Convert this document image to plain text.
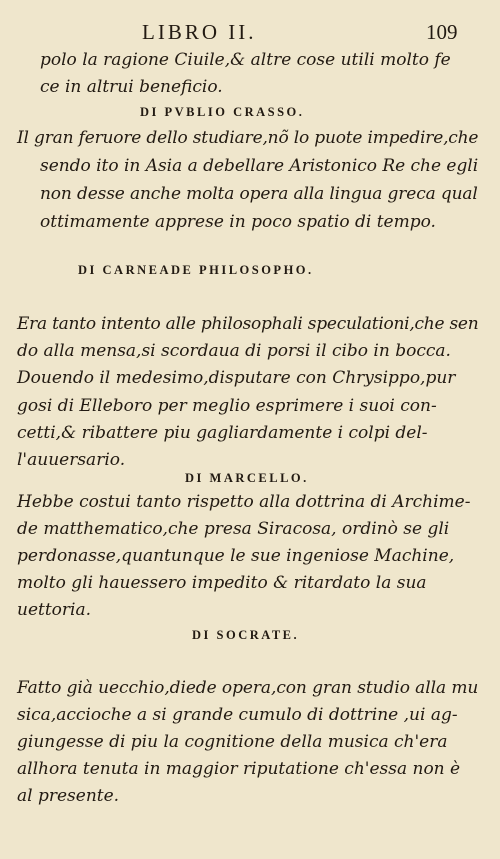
LIBRO II.	109
polo la ragione Ciuile,& altre cose utili molto fe
ce in altrui beneficio.
DI PVBLIO CRASSO.
Il gran feruore dello studiare,nõ lo puote impedire,che
sendo ito in Asia a debellare Aristonico Re che egli
non desse anche molta opera alla lingua greca qual
ottimamente apprese in poco spatio di tempo.
DI CARNEADE PHILOSOPHO.
Era tanto intento alle philosophali speculationi,che sen
do alla mensa,si scordaua di porsi il cibo in bocca.
Douendo il medesimo,disputare con Chrysippo,pur
gosi di Elleboro per meglio esprimere i suoi con-
cetti,& ribattere piu gagliardamente i colpi del-
l'auuersario.
DI MARCELLO.
Hebbe costui tanto rispetto alla dottrina di Archime-
de matthematico,che presa Siracosa, ordinò se gli
perdonasse,quantunque le sue ingeniose Machine,
molto gli hauessero impedito & ritardato la sua
uettoria.
DI SOCRATE.
Fatto già uecchio,diede opera,con gran studio alla mu
sica,accioche a si grande cumulo di dottrine ,ui ag-
giungesse di piu la cognitione della musica ch'era
allhora tenuta in maggior riputatione ch'essa non è
al presente.
